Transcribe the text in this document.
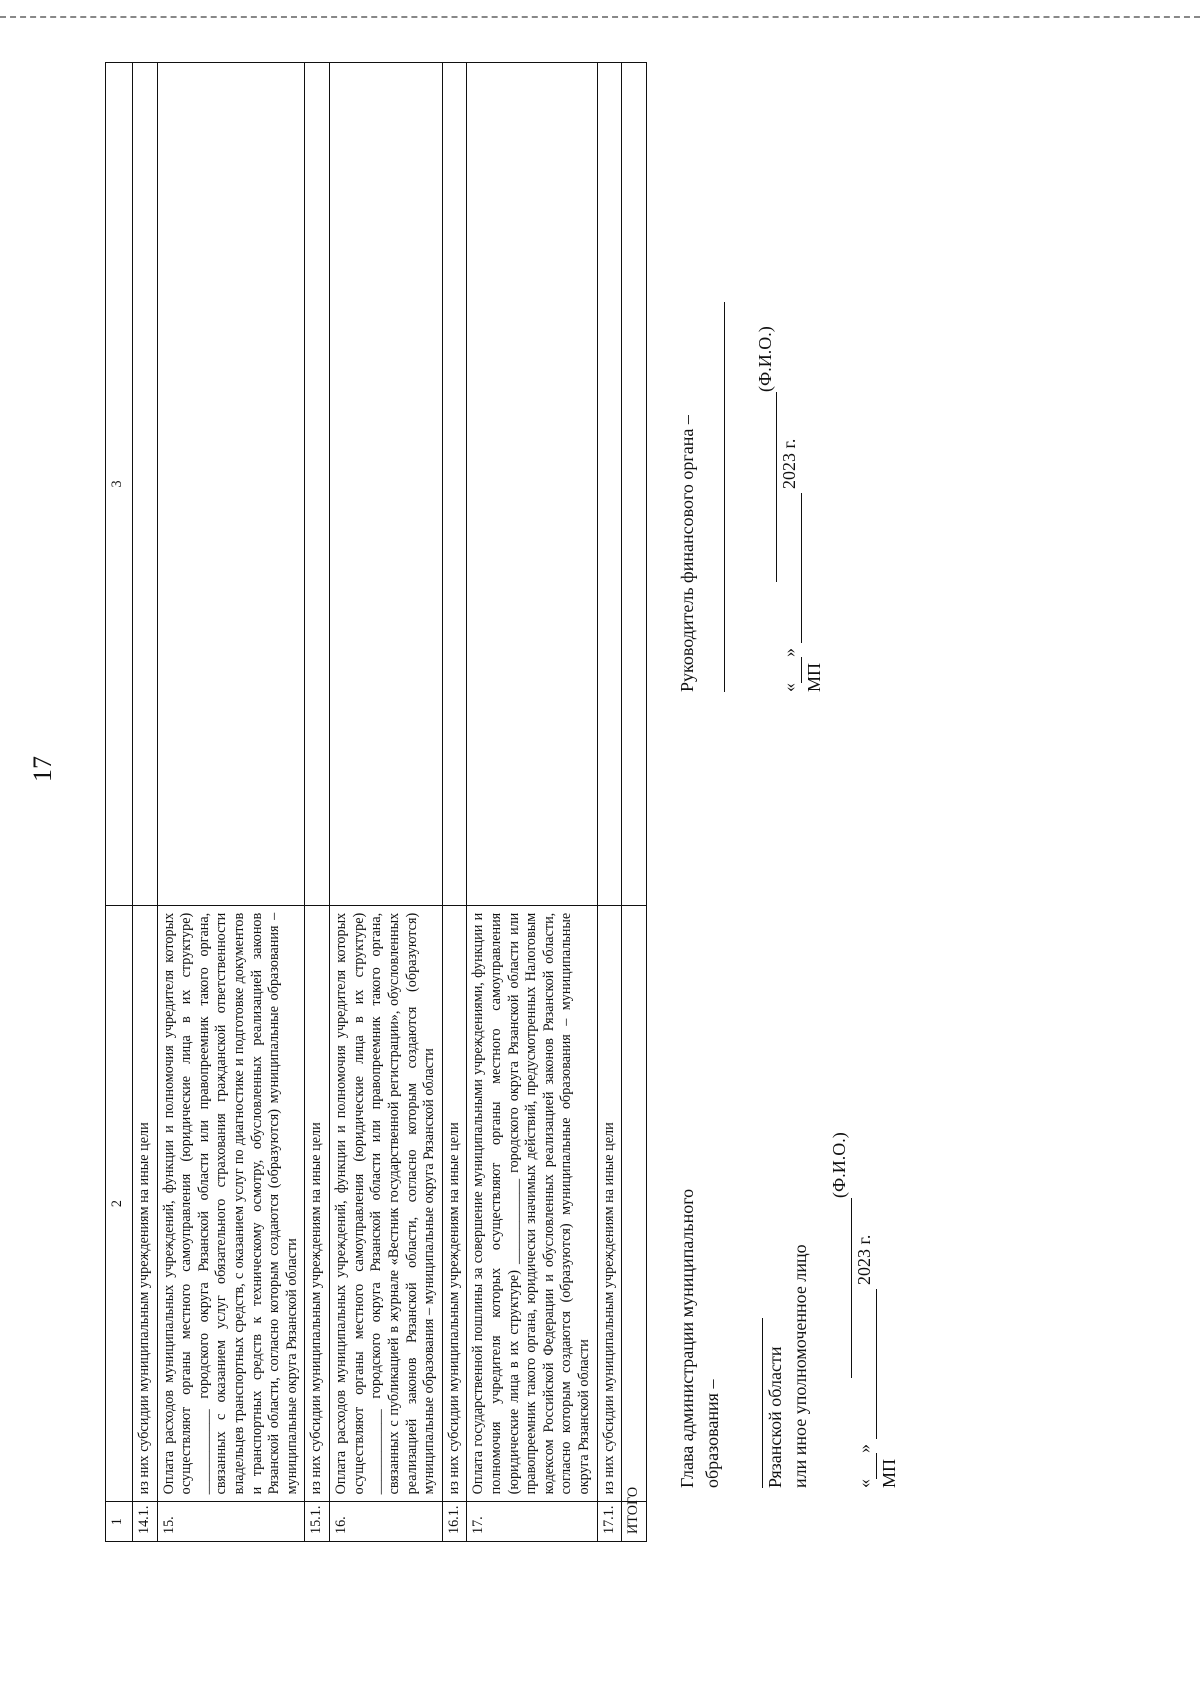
17
1	2	3
14.1.	из них субсидии муниципальным учреждениям на иные цели	
15.	Оплата расходов муниципальных учреждений, функции и полномочия учредителя которых осуществляют органы местного самоуправления (юридические лица в их структуре) ____________ городского округа Рязанской области или правопреемник такого органа, связанных с оказанием услуг обязательного страхования гражданской ответственности владельцев транспортных средств, с оказанием услуг по диагностике и подготовке документов и транспортных средств к техническому осмотру, обусловленных реализацией законов Рязанской области, согласно которым создаются (образуются) муниципальные образования – муниципальные округа Рязанской области	
15.1.	из них субсидии муниципальным учреждениям на иные цели	
16.	Оплата расходов муниципальных учреждений, функции и полномочия учредителя которых осуществляют органы местного самоуправления (юридические лица в их структуре) ____________ городского округа Рязанской области или правопреемник такого органа, связанных с публикацией в журнале «Вестник государственной регистрации», обусловленных реализацией законов Рязанской области, согласно которым создаются (образуются) муниципальные образования – муниципальные округа Рязанской области	
16.1.	из них субсидии муниципальным учреждениям на иные цели	
17.	Оплата государственной пошлины за совершение муниципальными учреждениями, функции и полномочия учредителя которых осуществляют органы местного самоуправления (юридические лица в их структуре) ____________ городского округа Рязанской области или правопреемник такого органа, юридически значимых действий, предусмотренных Налоговым кодексом Российской Федерации и обусловленных реализацией законов Рязанской области, согласно которым создаются (образуются) муниципальные образования – муниципальные округа Рязанской области	
17.1.	из них субсидии муниципальным учреждениям на иные цели	
ИТОГО		
Глава администрации муниципального образования – Рязанской области или иное уполномоченное лицо
(Ф.И.О.)
«»  2023 г.
МП
Руководитель финансового органа –
(Ф.И.О.)
«»  2023 г.
МП
